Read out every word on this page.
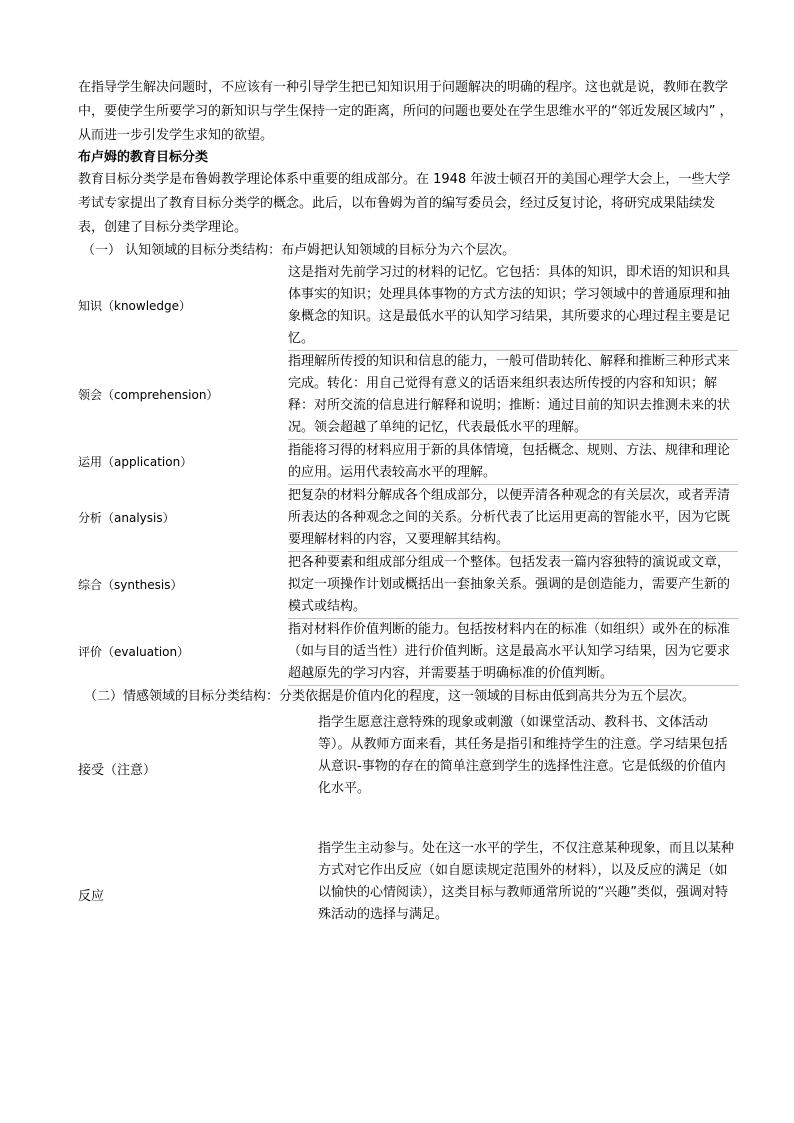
在指导学生解决问题时，不应该有一种引导学生把已知知识用于问题解决的明确的程序。这也就是说，教师在教学中，要使学生所要学习的新知识与学生保持一定的距离，所问的问题也要处在学生思维水平的“邻近发展区域内” ，从而进一步引发学生求知的欲望。

布卢姆的教育目标分类

教育目标分类学是布鲁姆教学理论体系中重要的组成部分。在 1948 年波士顿召开的美国心理学大会上，一些大学考试专家提出了教育目标分类学的概念。此后，以布鲁姆为首的编写委员会，经过反复讨论，将研究成果陆续发表，创建了目标分类学理论。

（一） 认知领域的目标分类结构：布卢姆把认知领域的目标分为六个层次。

知识（knowledge）	这是指对先前学习过的材料的记忆。它包括：具体的知识，即术语的知识和具体事实的知识；处理具体事物的方式方法的知识；学习领域中的普通原理和抽象概念的知识。这是最低水平的认知学习结果，其所要求的心理过程主要是记忆。
领会（comprehension）	指理解所传授的知识和信息的能力，一般可借助转化、解释和推断三种形式来完成。转化：用自己觉得有意义的话语来组织表达所传授的内容和知识；解释：对所交流的信息进行解释和说明；推断：通过目前的知识去推测未来的状况。领会超越了单纯的记忆，代表最低水平的理解。
运用（application）	指能将习得的材料应用于新的具体情境，包括概念、规则、方法、规律和理论的应用。运用代表较高水平的理解。
分析（analysis）	把复杂的材料分解成各个组成部分，以便弄清各种观念的有关层次，或者弄清所表达的各种观念之间的关系。分析代表了比运用更高的智能水平，因为它既要理解材料的内容，又要理解其结构。
综合（synthesis）	把各种要素和组成部分组成一个整体。包括发表一篇内容独特的演说或文章，拟定一项操作计划或概括出一套抽象关系。强调的是创造能力，需要产生新的模式或结构。
评价（evaluation）	指对材料作价值判断的能力。包括按材料内在的标准（如组织）或外在的标准（如与目的适当性）进行价值判断。这是最高水平认知学习结果，因为它要求超越原先的学习内容，并需要基于明确标准的价值判断。

（二）情感领域的目标分类结构：分类依据是价值内化的程度，这一领域的目标由低到高共分为五个层次。

接受（注意）	指学生愿意注意特殊的现象或刺激（如课堂活动、教科书、文体活动等）。从教师方面来看，其任务是指引和维持学生的注意。学习结果包括从意识-事物的存在的简单注意到学生的选择性注意。它是低级的价值内化水平。
反应	指学生主动参与。处在这一水平的学生，不仅注意某种现象，而且以某种方式对它作出反应（如自愿读规定范围外的材料），以及反应的满足（如以愉快的心情阅读），这类目标与教师通常所说的“兴趣”类似，强调对特殊活动的选择与满足。
